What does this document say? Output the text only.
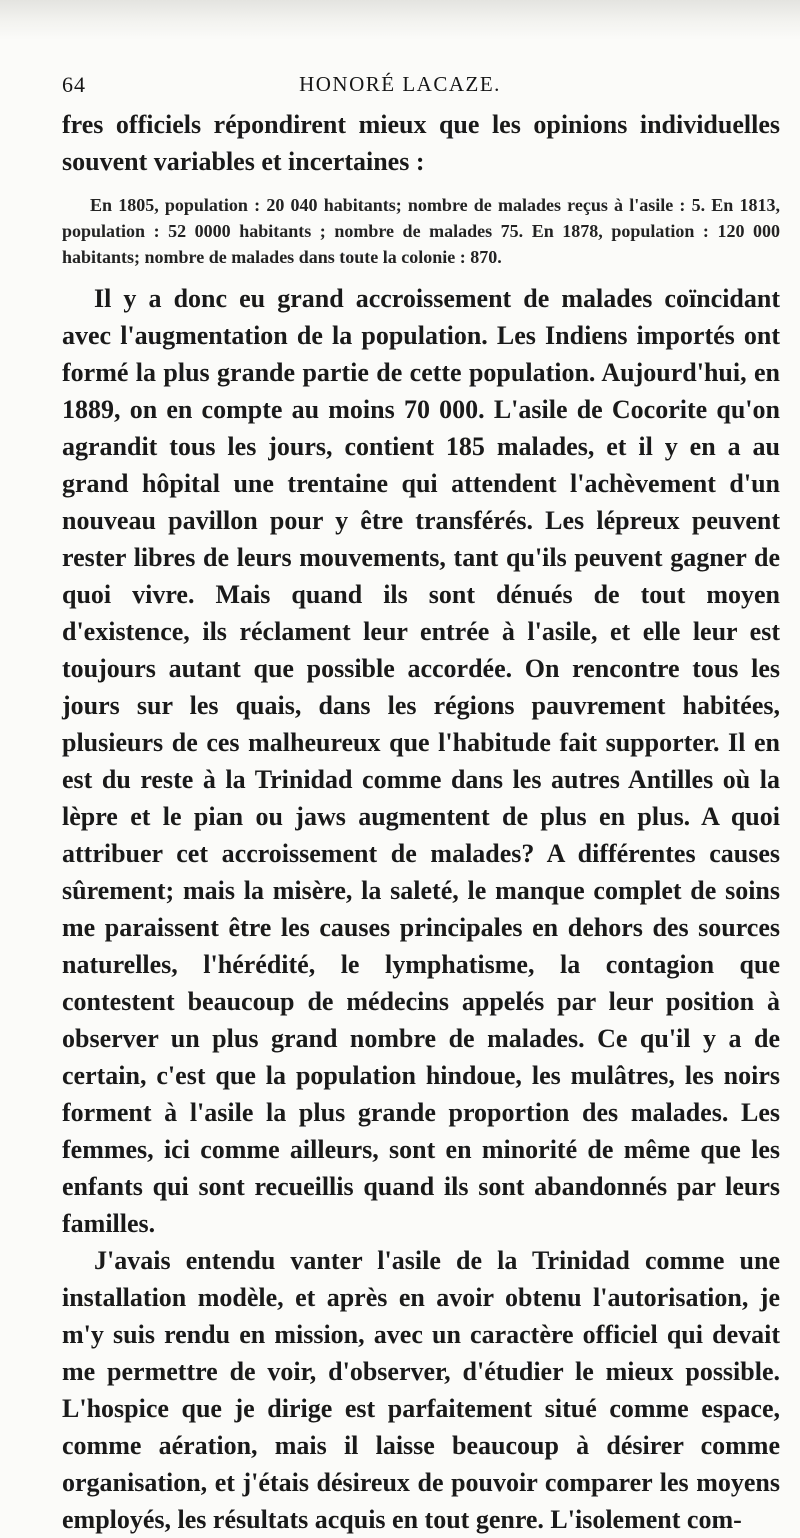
64	HONORÉ LACAZE.

fres officiels répondirent mieux que les opinions individuelles souvent variables et incertaines :

En 1805, population : 20 040 habitants; nombre de malades reçus à l'asile : 5. En 1813, population : 52 0000 habitants ; nombre de malades 75. En 1878, population : 120 000 habitants; nombre de malades dans toute la colonie : 870.

Il y a donc eu grand accroissement de malades coïncidant avec l'augmentation de la population. Les Indiens importés ont formé la plus grande partie de cette population. Aujourd'hui, en 1889, on en compte au moins 70 000. L'asile de Cocorite qu'on agrandit tous les jours, contient 185 malades, et il y en a au grand hôpital une trentaine qui attendent l'achèvement d'un nouveau pavillon pour y être transférés. Les lépreux peuvent rester libres de leurs mouvements, tant qu'ils peuvent gagner de quoi vivre. Mais quand ils sont dénués de tout moyen d'existence, ils réclament leur entrée à l'asile, et elle leur est toujours autant que possible accordée. On rencontre tous les jours sur les quais, dans les régions pauvrement habitées, plusieurs de ces malheureux que l'habitude fait supporter. Il en est du reste à la Trinidad comme dans les autres Antilles où la lèpre et le pian ou jaws augmentent de plus en plus. A quoi attribuer cet accroissement de malades? A différentes causes sûrement; mais la misère, la saleté, le manque complet de soins me paraissent être les causes principales en dehors des sources naturelles, l'hérédité, le lymphatisme, la contagion que contestent beaucoup de médecins appelés par leur position à observer un plus grand nombre de malades. Ce qu'il y a de certain, c'est que la population hindoue, les mulâtres, les noirs forment à l'asile la plus grande proportion des malades. Les femmes, ici comme ailleurs, sont en minorité de même que les enfants qui sont recueillis quand ils sont abandonnés par leurs familles.

J'avais entendu vanter l'asile de la Trinidad comme une installation modèle, et après en avoir obtenu l'autorisation, je m'y suis rendu en mission, avec un caractère officiel qui devait me permettre de voir, d'observer, d'étudier le mieux possible. L'hospice que je dirige est parfaitement situé comme espace, comme aération, mais il laisse beaucoup à désirer comme organisation, et j'étais désireux de pouvoir comparer les moyens employés, les résultats acquis en tout genre. L'isolement com-
